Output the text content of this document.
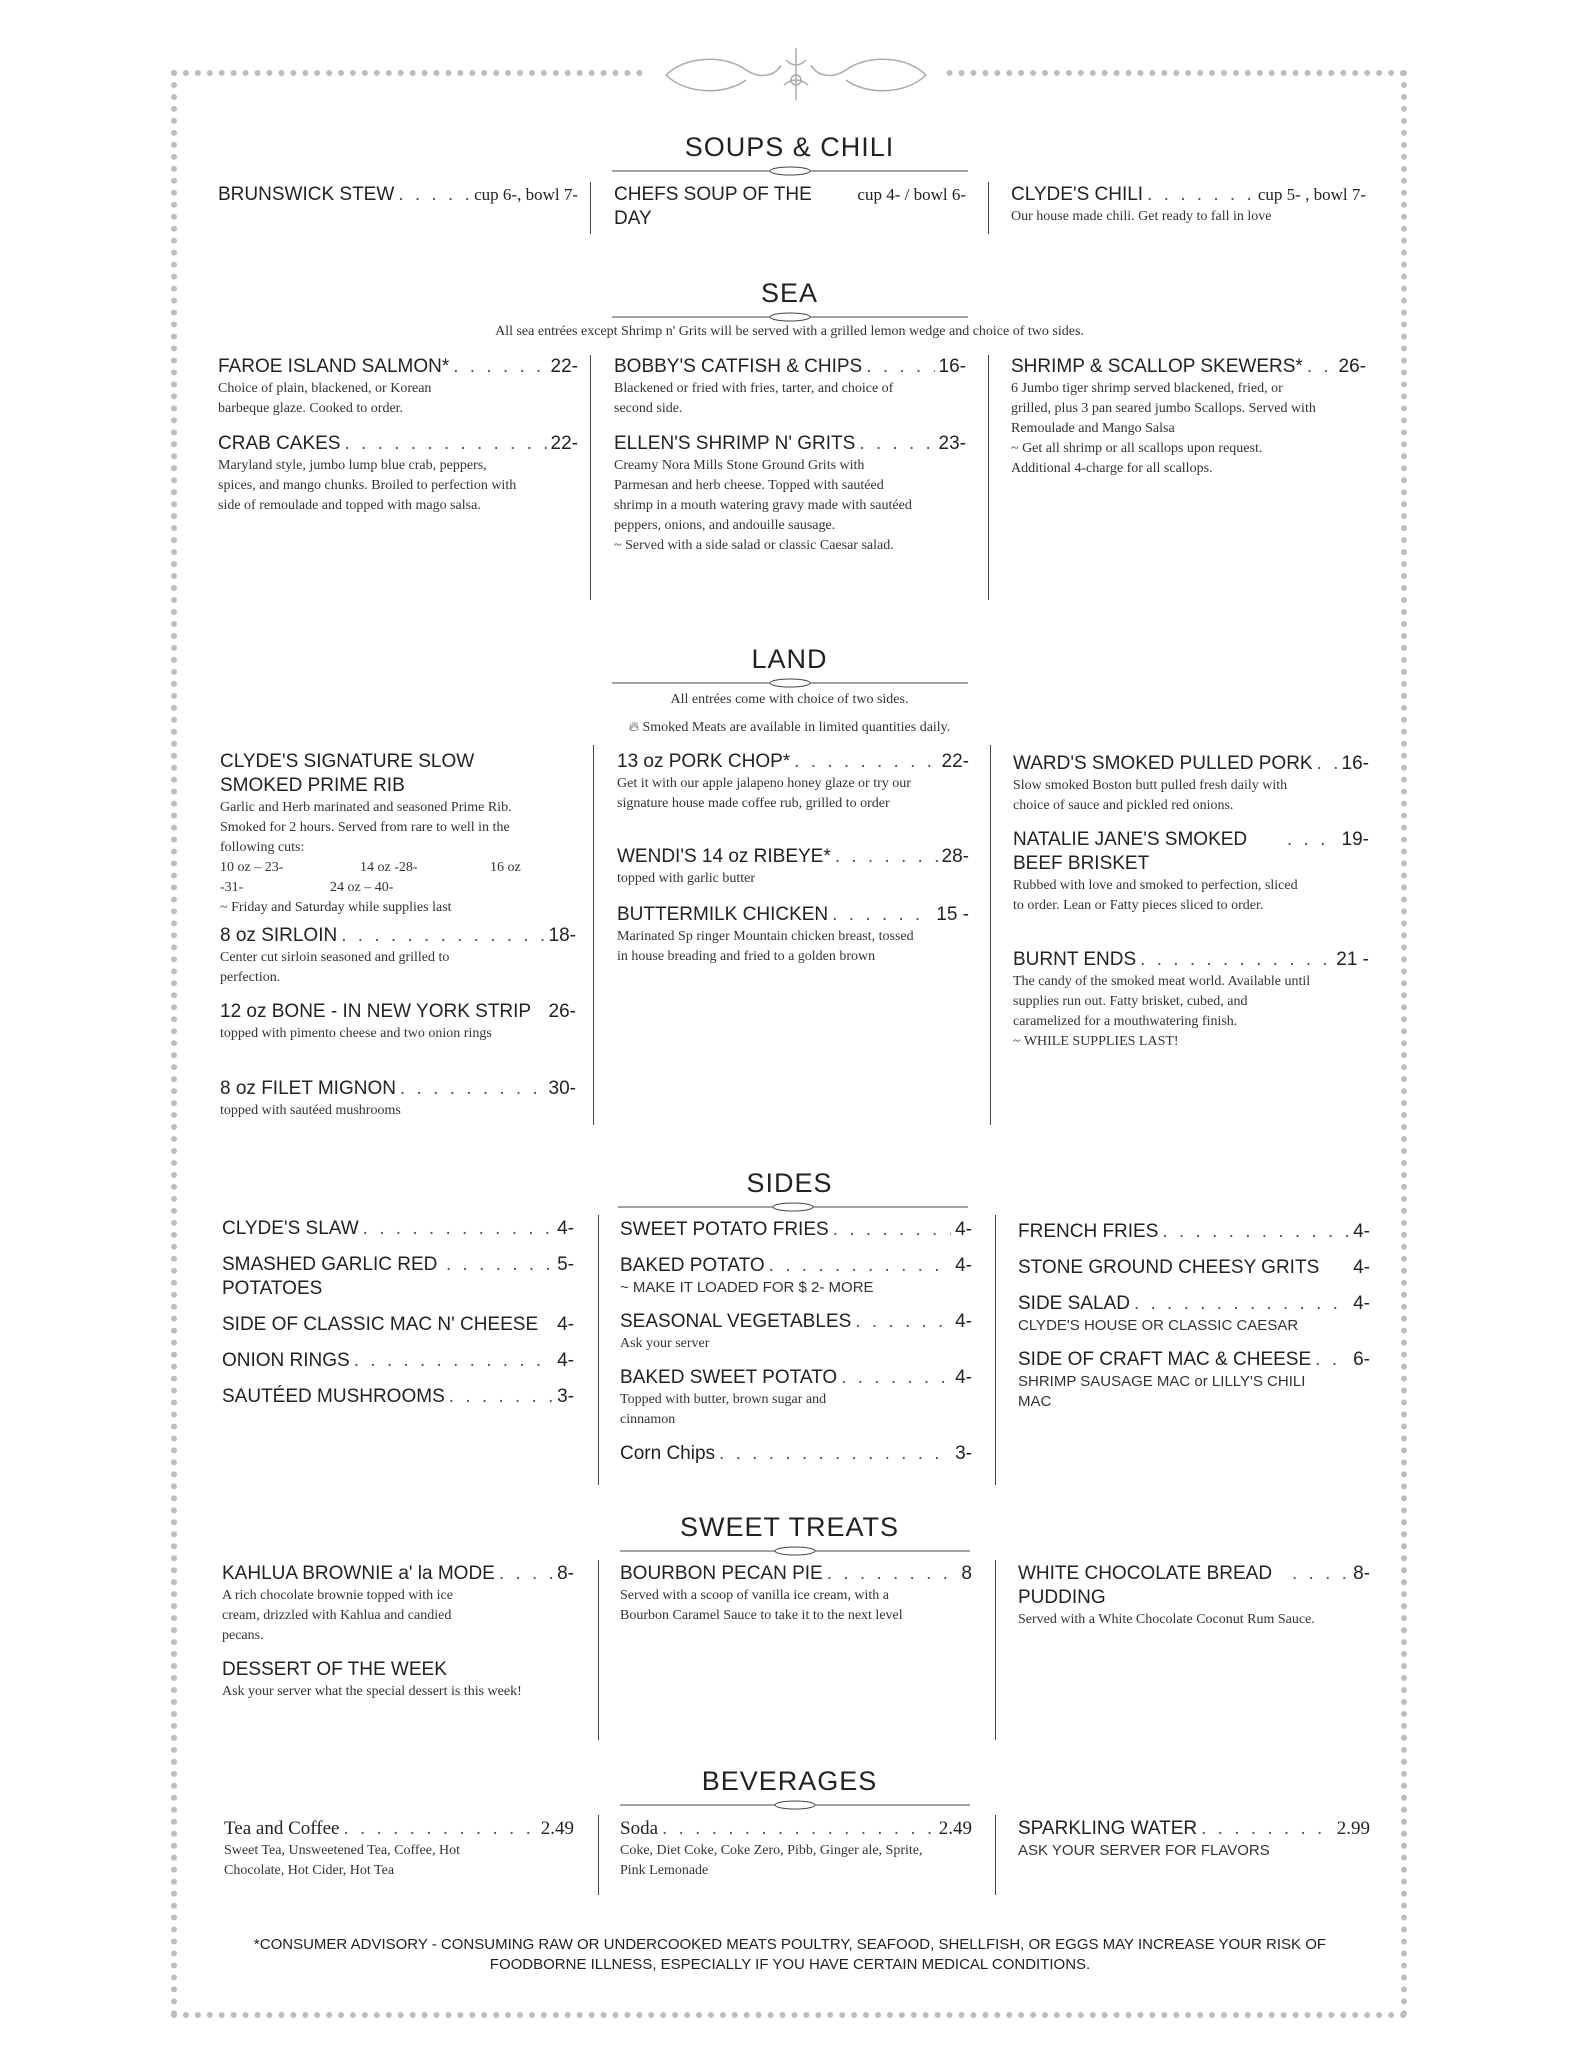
SOUPS & CHILI
BRUNSWICK STEW . . .	cup 6-, bowl 7- CHEFS SOUP OF THE DAY
cup 4- / bowl 6- CLYDE'S CHILI . . .	cup 5- , bowl 7-
Our house made chili. Get ready to fall in love
SEA
All sea entrées except Shrimp n' Grits will be served with a grilled lemon wedge and choice of two sides.
FAROE ISLAND SALMON* . . .	22-
Choice of plain, blackened, or Korean barbeque glaze. Cooked to order.
CRAB CAKES . . .	22-
Maryland style, jumbo lump blue crab, peppers, spices, and mango chunks. Broiled to perfection with side of remoulade and topped with mago salsa.
BOBBY'S CATFISH & CHIPS . . .	16-
Blackened or fried with fries, tarter, and choice of second side.
ELLEN'S SHRIMP N' GRITS . . .	23-
Creamy Nora Mills Stone Ground Grits with Parmesan and herb cheese. Topped with sautéed shrimp in a mouth watering gravy made with sautéed peppers, onions, and andouille sausage.
~ Served with a side salad or classic Caesar salad.
SHRIMP & SCALLOP SKEWERS* . . . 26-
6 Jumbo tiger shrimp served blackened, fried, or grilled, plus 3 pan seared jumbo Scallops. Served with Remoulade and Mango Salsa
~ Get all shrimp or all scallops upon request. Additional 4-charge for all scallops.
LAND
All entrées come with choice of two sides.
🔥︎ Smoked Meats are available in limited quantities daily.
CLYDE'S SIGNATURE SLOW SMOKED PRIME RIB
Garlic and Herb marinated and seasoned Prime Rib. Smoked for 2 hours. Served from rare to well in the following cuts:
10 oz – 23-	14 oz -28-	16 oz
-31-	24 oz – 40-
~ Friday and Saturday while supplies last
8 oz SIRLOIN . . .	18-
Center cut sirloin seasoned and grilled to perfection.
12 oz BONE - IN NEW YORK STRIP 26-
topped with pimento cheese and two onion rings
8 oz FILET MIGNON . . .	30-
topped with sautéed mushrooms
13 oz PORK CHOP* . . .	22-
Get it with our apple jalapeno honey glaze or try our signature house made coffee rub, grilled to order
WENDI'S 14 oz RIBEYE* . . .	28-
topped with garlic butter
BUTTERMILK CHICKEN . . .	15 -
Marinated Sp ringer Mountain chicken breast, tossed in house breading and fried to a golden brown
WARD'S SMOKED PULLED PORK . . . 16-
Slow smoked Boston butt pulled fresh daily with choice of sauce and pickled red onions.
NATALIE JANE'S SMOKED BEEF BRISKET
. . .
19-
Rubbed with love and smoked to perfection, sliced to order. Lean or Fatty pieces sliced to order.
BURNT ENDS . . .	21 -
The candy of the smoked meat world. Available until supplies run out. Fatty brisket, cubed, and caramelized for a mouthwatering finish.
~ WHILE SUPPLIES LAST!
SIDES
CLYDE'S SLAW . . .	4-
SMASHED GARLIC RED POTATOES
. . .
5-
SIDE OF CLASSIC MAC N' CHEESE 4-
ONION RINGS . . .	4-
SAUTÉED MUSHROOMS . . .	3-
SWEET POTATO FRIES . . .	4-
BAKED POTATO . . .	4-
~ MAKE IT LOADED FOR $ 2- MORE
SEASONAL VEGETABLES . . .	4-
Ask your server
BAKED SWEET POTATO . . .	4-
Topped with butter, brown sugar and cinnamon
Corn Chips . . .	3-
FRENCH FRIES . . .	4-
STONE GROUND CHEESY GRITS 4-
SIDE SALAD . . .	4-
CLYDE'S HOUSE OR CLASSIC CAESAR
SIDE OF CRAFT MAC & CHEESE . . . 6-
SHRIMP SAUSAGE MAC or LILLY'S CHILI MAC
SWEET TREATS
KAHLUA BROWNIE a' la MODE . . .	8-
A rich chocolate brownie topped with ice cream, drizzled with Kahlua and candied pecans.
DESSERT OF THE WEEK
Ask your server what the special dessert is this week!
BOURBON PECAN PIE . . .	8
Served with a scoop of vanilla ice cream, with a Bourbon Caramel Sauce to take it to the next level
WHITE CHOCOLATE BREAD PUDDING
. . .
8-
Served with a White Chocolate Coconut Rum Sauce.
BEVERAGES
Tea and Coffee . . .	2.49
Sweet Tea, Unsweetened Tea, Coffee, Hot Chocolate, Hot Cider, Hot Tea
Soda . . .	2.49
Coke, Diet Coke, Coke Zero, Pibb, Ginger ale, Sprite, Pink Lemonade
SPARKLING WATER . . .	2.99
ASK YOUR SERVER FOR FLAVORS
*CONSUMER ADVISORY - CONSUMING RAW OR UNDERCOOKED MEATS POULTRY, SEAFOOD, SHELLFISH, OR EGGS MAY INCREASE YOUR RISK OF FOODBORNE ILLNESS, ESPECIALLY IF YOU HAVE CERTAIN MEDICAL CONDITIONS.
